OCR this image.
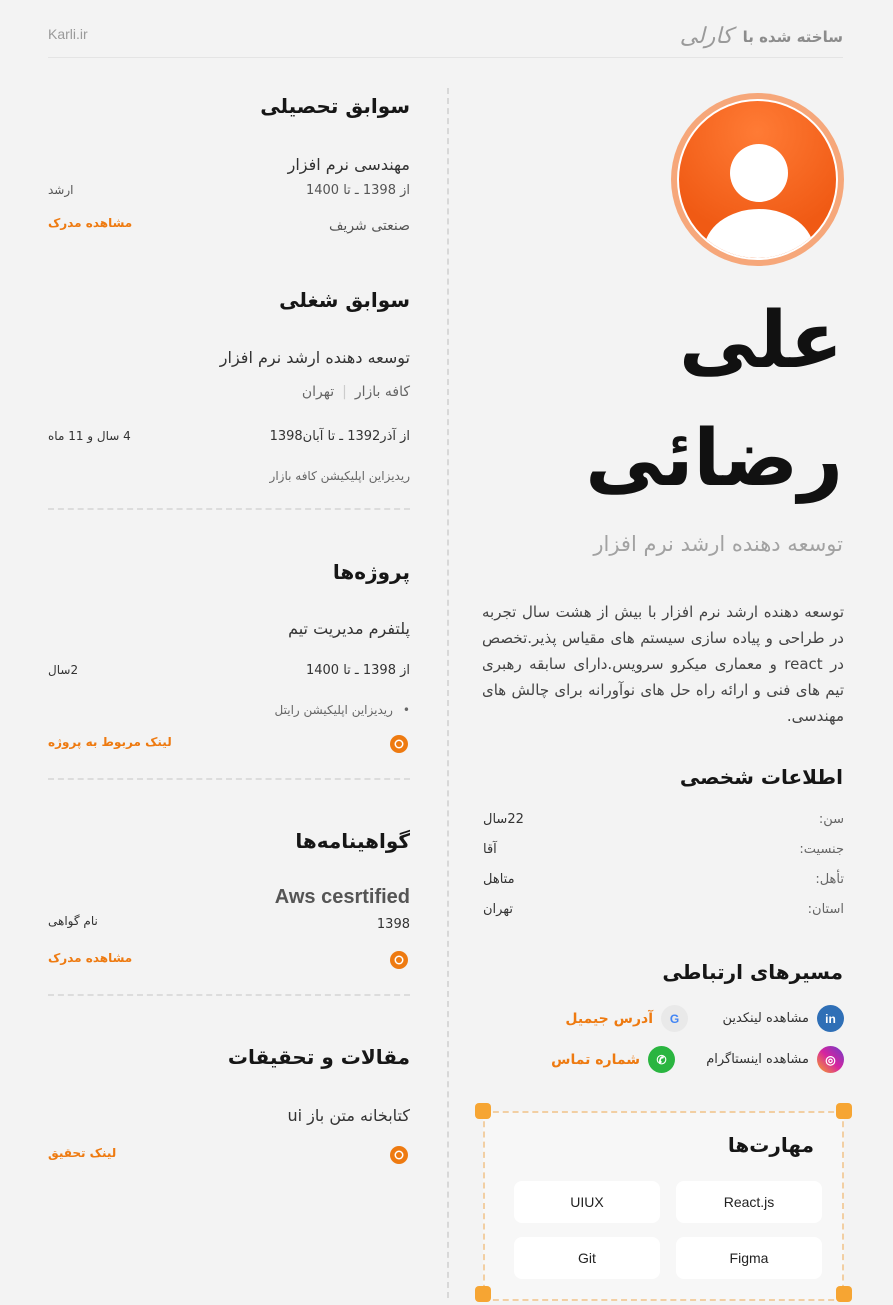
Karli.ir	ساخته شده با
کارلی
علی
رضائی
توسعه دهنده ارشد نرم افزار
توسعه دهنده ارشد نرم افزار با بیش از هشت سال تجربه در طراحی و پیاده سازی سیستم های مقیاس پذیر.تخصص در react و معماری میکرو سرویس.دارای سابقه رهبری تیم های فنی و ارائه راه حل های نوآورانه برای چالش های مهندسی.
اطلاعات شخصی
سن:
22سال
جنسیت:
آقا
تأهل:
متاهل
استان:
تهران
مسیرهای ارتباطی
in
مشاهده لینکدین
G
آدرس جیمیل
◎
مشاهده اینستاگرام
✆
شماره تماس
مهارت‌ها
React.js
UIUX
Figma
Git
سوابق تحصیلی
مهندسی نرم افزار
از 1398 ـ تا 1400
ارشد
صنعتی شریف
مشاهده مدرک
سوابق شغلی
توسعه دهنده ارشد نرم افزار
کافه بازار
|
تهران
از آذر1392 ـ تا آبان1398
4 سال و 11 ماه
ریدیزاین اپلیکیشن کافه بازار
پروژه‌ها
پلتفرم مدیریت تیم
از 1398 ـ تا 1400
2سال
•ریدیزاین اپلیکیشن رایتل
لینک مربوط به پروژه
گواهینامه‌ها
Aws cesrtified
1398
نام گواهی
مشاهده مدرک
مقالات و تحقیقات
کتابخانه متن باز ui
لینک تحقیق
